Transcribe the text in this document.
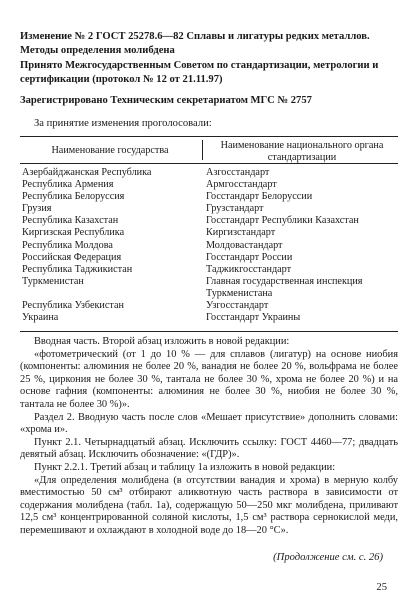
Изменение № 2 ГОСТ 25278.6—82 Сплавы и лигатуры редких металлов. Методы определения молибдена
Принято Межгосударственным Советом по стандартизации, метрологии и сертификации (протокол № 12 от 21.11.97)
Зарегистрировано Техническим секретариатом МГС № 2757
За принятие изменения проголосовали:
Наименование государства	Наименование национального органа стандартизации
Азербайджанская Республика
Республика Армения
Республика Белоруссия
Грузия
Республика Казахстан
Киргизская Республика
Республика Молдова
Российская Федерация
Республика Таджикистан
Туркменистан

Республика Узбекистан
Украина
Азгосстандарт
Армгосстандарт
Госстандарт Белоруссии
Грузстандарт
Госстандарт Республики Казахстан
Киргизстандарт
Молдовастандарт
Госстандарт России
Таджикгосстандарт
Главная государственная инспекция
Туркменистана
Узгосстандарт
Госстандарт Украины

Вводная часть. Второй абзац изложить в новой редакции:

«фотометрический (от 1 до 10 % — для сплавов (лигатур) на основе ниобия (компоненты: алюминия не более 20 %, ванадия не более 20 %, вольфрама не более 25 %, циркония не более 30 %, тантала не более 30 %, хрома не более 20 %) и на основе гафния (компоненты: алюминия не более 30 %, ниобия не более 30 %, тантала не более 30 %)».

Раздел 2. Вводную часть после слов «Мешает присутствие» дополнить словами: «хрома и».

Пункт 2.1. Четырнадцатый абзац. Исключить ссылку: ГОСТ 4460—77; двадцать девятый абзац. Исключить обозначение: «(ГДР)».

Пункт 2.2.1. Третий абзац и таблицу 1а изложить в новой редакции:

«Для определения молибдена (в отсутствии ванадия и хрома) в мерную колбу вместимостью 50 см³ отбирают аликвотную часть раствора в зависимости от содержания молибдена (табл. 1а), содержащую 50—250 мкг молибдена, приливают 12,5 см³ концентрированной соляной кислоты, 1,5 см³ раствора сернокислой меди, перемешивают и охлаждают в холодной воде до 18—20 °С».

(Продолжение см. с. 26)
25
